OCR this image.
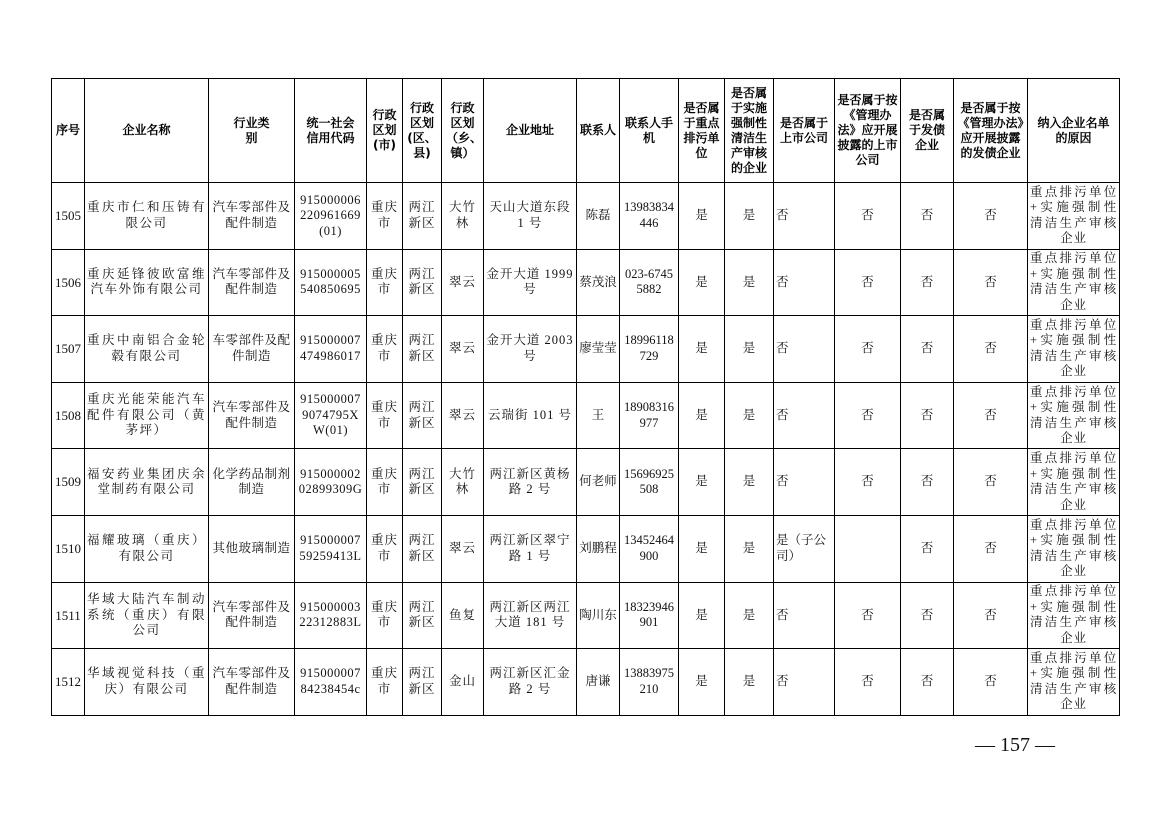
序号	企业名称	行业类别	统一社会信用代码	行政区划(市)	行政区划(区、县)	行政区划（乡、镇）	企业地址	联系人	联系人手机	是否属于重点排污单位	是否属于实施强制性清洁生产审核的企业	是否属于上市公司	是否属于按《管理办法》应开展披露的上市公司	是否属于发债企业	是否属于按《管理办法》应开展披露的发债企业	纳入企业名单的原因
1505	重庆市仁和压铸有限公司	汽车零部件及配件制造	915000006220961669(01)	重庆市	两江新区	大竹林	天山大道东段 1 号	陈磊	13983834446	是	是	否	否	否	否	重点排污单位+实施强制性清洁生产审核企业
1506	重庆延锋彼欧富维汽车外饰有限公司	汽车零部件及配件制造	915000005540850695	重庆市	两江新区	翠云	金开大道 1999 号	蔡茂浪	023-67455882	是	是	否	否	否	否	重点排污单位+实施强制性清洁生产审核企业
1507	重庆中南铝合金轮毂有限公司	车零部件及配件制造	915000007474986017	重庆市	两江新区	翠云	金开大道 2003 号	廖莹莹	18996118729	是	是	否	否	否	否	重点排污单位+实施强制性清洁生产审核企业
1508	重庆光能荣能汽车配件有限公司（黄茅坪）	汽车零部件及配件制造	9150000079074795XW(01)	重庆市	两江新区	翠云	云瑞街 101 号	王	18908316977	是	是	否	否	否	否	重点排污单位+实施强制性清洁生产审核企业
1509	福安药业集团庆余堂制药有限公司	化学药品制剂制造	91500000202899309G	重庆市	两江新区	大竹林	两江新区黄杨路 2 号	何老师	15696925508	是	是	否	否	否	否	重点排污单位+实施强制性清洁生产审核企业
1510	福耀玻璃（重庆）有限公司	其他玻璃制造	91500000759259413L	重庆市	两江新区	翠云	两江新区翠宁路 1 号	刘鹏程	13452464900	是	是	是（子公司）		否	否	重点排污单位+实施强制性清洁生产审核企业
1511	华域大陆汽车制动系统（重庆）有限公司	汽车零部件及配件制造	91500000322312883L	重庆市	两江新区	鱼复	两江新区两江大道 181 号	陶川东	18323946901	是	是	否	否	否	否	重点排污单位+实施强制性清洁生产审核企业
1512	华域视觉科技（重庆）有限公司	汽车零部件及配件制造	91500000784238454c	重庆市	两江新区	金山	两江新区汇金路 2 号	唐谦	13883975210	是	是	否	否	否	否	重点排污单位+实施强制性清洁生产审核企业
— 157 —
